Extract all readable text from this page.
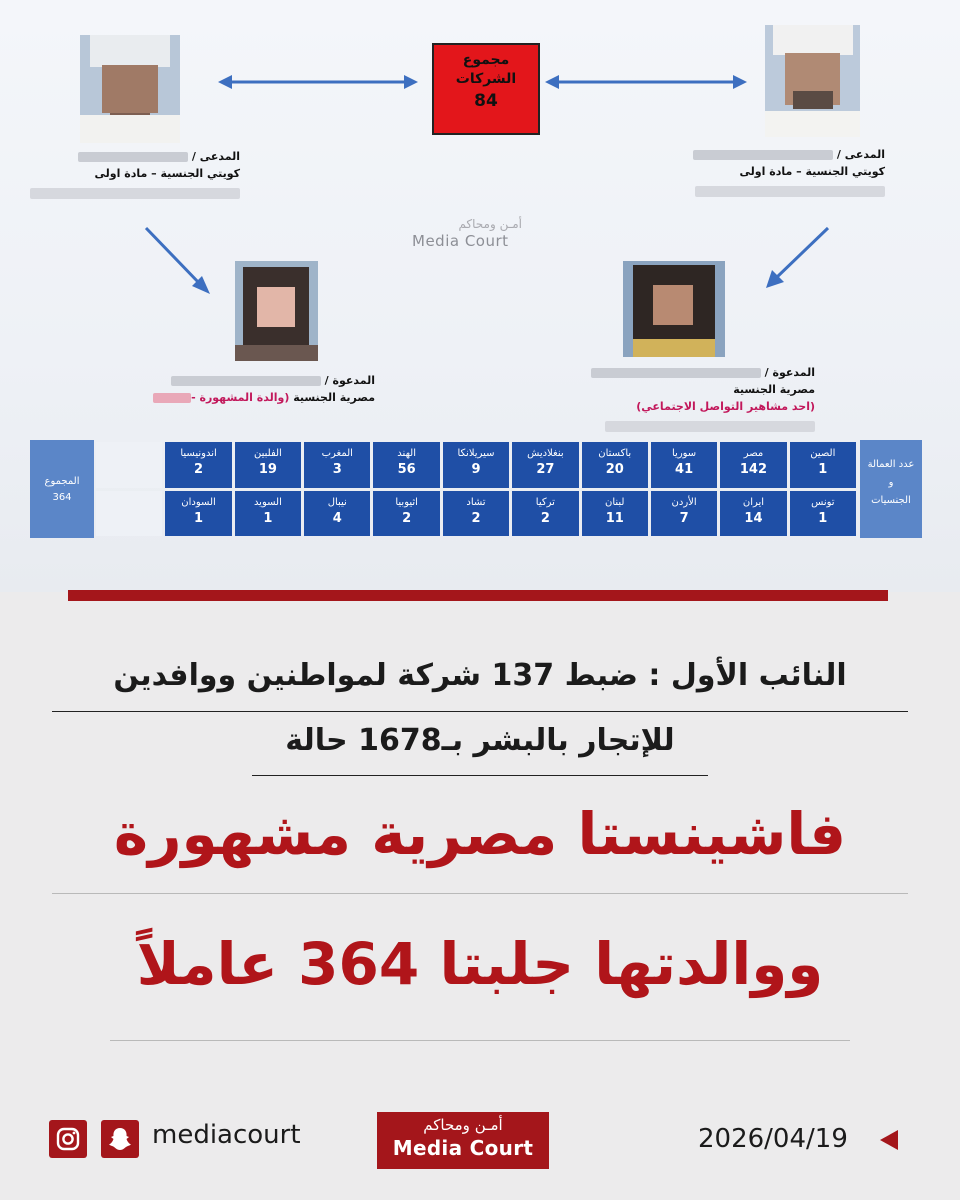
مجموع
الشركات
84
المدعى /
كويتي الجنسية – مادة اولى
المدعى /
كويتي الجنسية – مادة اولى
المدعوة /
مصرية الجنسية (والدة المشهورة -
المدعوة /
مصرية الجنسية
(احد مشاهير التواصل الاجتماعي)
أمـن ومحاكم
Media Court
عدد العمالة
و
الجنسيات
الصين
1
مصر
142
سوريا
41
باكستان
20
بنغلاديش
27
سيريلانكا
9
الهند
56
المغرب
3
الفلبين
19
اندونيسيا
2
تونس
1
ايران
14
الأردن
7
لبنان
11
تركيا
2
تشاد
2
اثيوبيا
2
نيبال
4
السويد
1
السودان
1
المجموع
364
النائب الأول : ضبط 137 شركة لمواطنين ووافدين
للإتجار بالبشر بـ1678 حالة
فاشينستا مصرية مشهورة
ووالدتها جلبتا 364 عاملاً
mediacourt	أمـن ومحاكم
Media Court	2026/04/19
